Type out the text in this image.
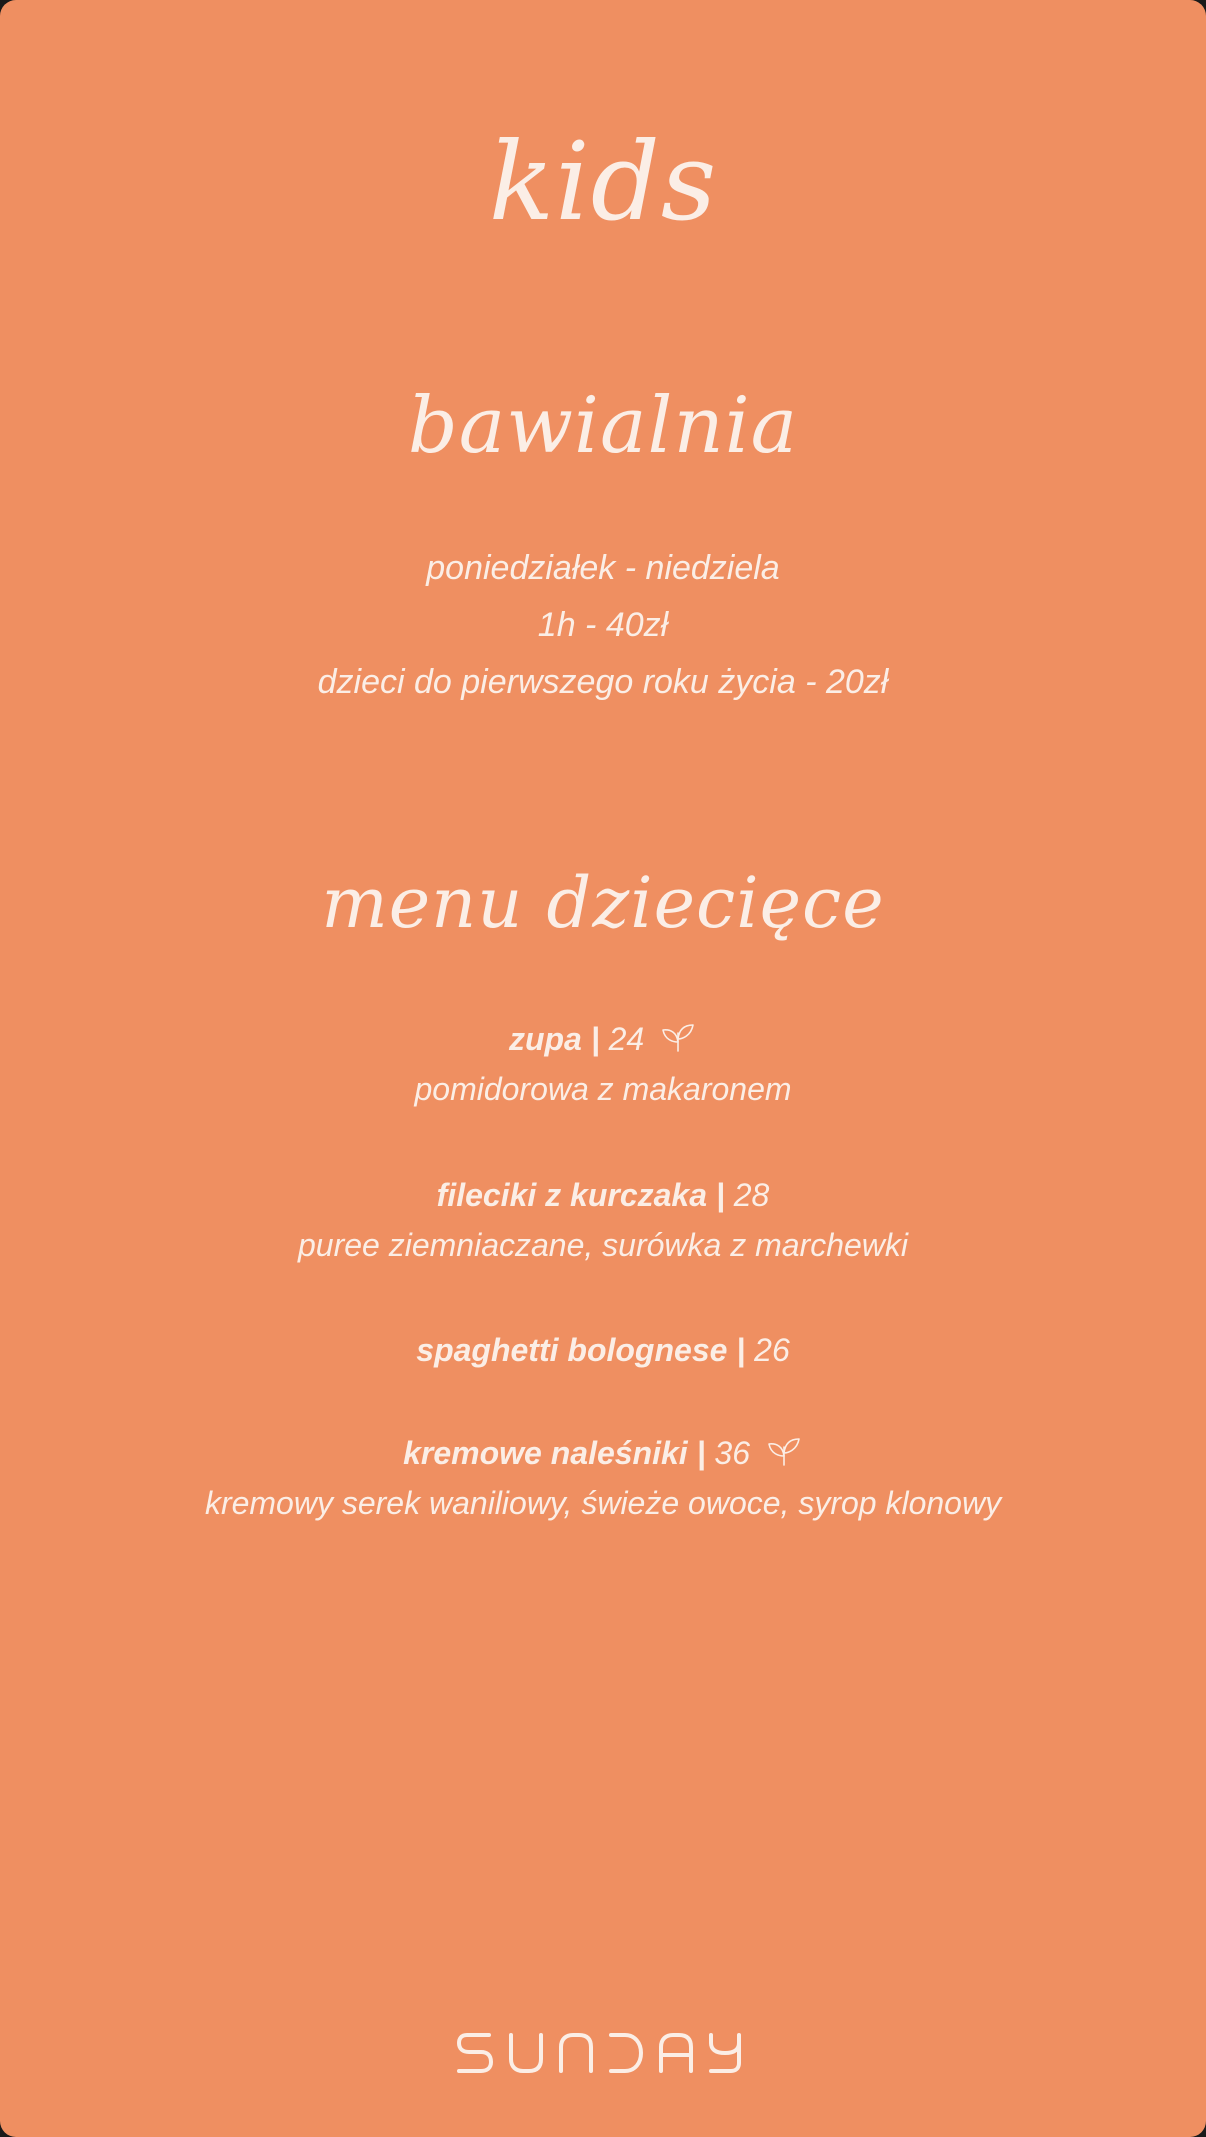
kids
bawialnia
poniedziałek - niedziela
1h - 40zł
dzieci do pierwszego roku życia - 20zł
menu dziecięce
zupa | 24
pomidorowa z makaronem
fileciki z kurczaka | 28
puree ziemniaczane, surówka z marchewki
spaghetti bolognese | 26
kremowe naleśniki | 36
kremowy serek waniliowy, świeże owoce, syrop klonowy
